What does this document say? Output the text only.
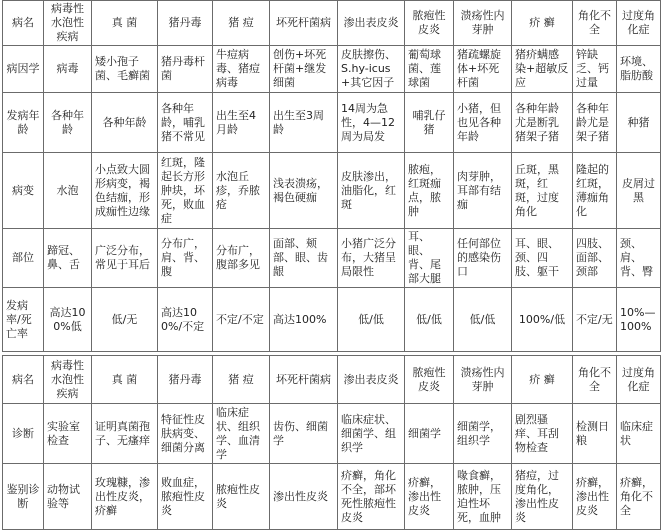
病名	病毒性水泡性疾病	真 菌	猪丹毒	猪 痘	坏死杆菌病	渗出表皮炎	脓疱性皮炎	溃疡性内芽肿	疥 癣	角化不全	过度角化症
病因学	病毒	矮小孢子菌、毛癣菌	猪丹毒杆菌	牛痘病毒、猪痘病毒	创伤+坏死杆菌+继发细菌	皮肤擦伤、S.hy-icus+其它因子	葡萄球菌、莲球菌	猪疏螺旋体+坏死杆菌	猪疥螨感染+超敏反应	锌缺乏、钙过量	环境、脂肪酸
发病年龄	各种年龄	各种年龄	各种年龄，哺乳猪不常见	出生至4月龄	出生至3周龄	14周为急性，4—12周为局发	哺乳仔猪	小猪，但也见各种年龄	各种年龄尤是断乳猪架子猪	各种年龄尤是架子猪	种猪
病变	水泡	小点致大圆形病变，褐色结痂，形成痂性边缘	红斑，隆起长方形肿块，坏死，败血症	水泡丘疹，乔脓疮	浅表溃疡，褐色硬痂	皮肤渗出，油脂化，红斑	脓疱，红斑痂点，脓肿	肉芽肿，耳部有结痂	丘斑，黑斑，红斑，过度角化	隆起的红斑，薄痂角化	皮屑过黑
部位	蹄冠、鼻、舌	广泛分布，常见于耳后	分布广，肩、背、腹	分布广，腹部多见	面部、颊部、眼、齿龈	小猪广泛分布，大猪呈局限性	耳、眼、背、尾部大腿	任何部位的感染伤口	耳、眼、颈、四肢、躯干	四肢、面部、颈部	颈、肩、背、臀
发病率/死亡率	高达100%低	低/无	高达100%/不定	不定/不定	高达100%	低/低	低/低	低/低	100%/低	不定/无	10%—100%
病名	病毒性水泡性疾病	真 菌	猪丹毒	猪 痘	坏死杆菌病	渗出表皮炎	脓疱性皮炎	溃疡性内芽肿	疥 癣	角化不全	过度角化症
诊断	实验室检查	证明真菌孢子、无瘙痒	特征性皮肤病变、细菌分离	临床症状、组织学、血清学	齿伤、细菌学	临床症状、细菌学、组织学	细菌学	细菌学，组织学	剧烈骚痒、耳刮物检查	检测日粮	临床症状
鉴别诊断	动物试验等	玫瑰糠，渗出性皮炎，疥癣	败血症，脓疱性皮炎	脓疱性皮炎	渗出性皮炎	疥癣，角化不全，部坏死性脓疱性皮炎	疥癣，渗出性皮炎	喙食癣，脓肿，压迫性坏死，血肿	猪痘，过度角化，渗出性皮炎	疥癣，渗出性皮炎	疥癣，角化不全
